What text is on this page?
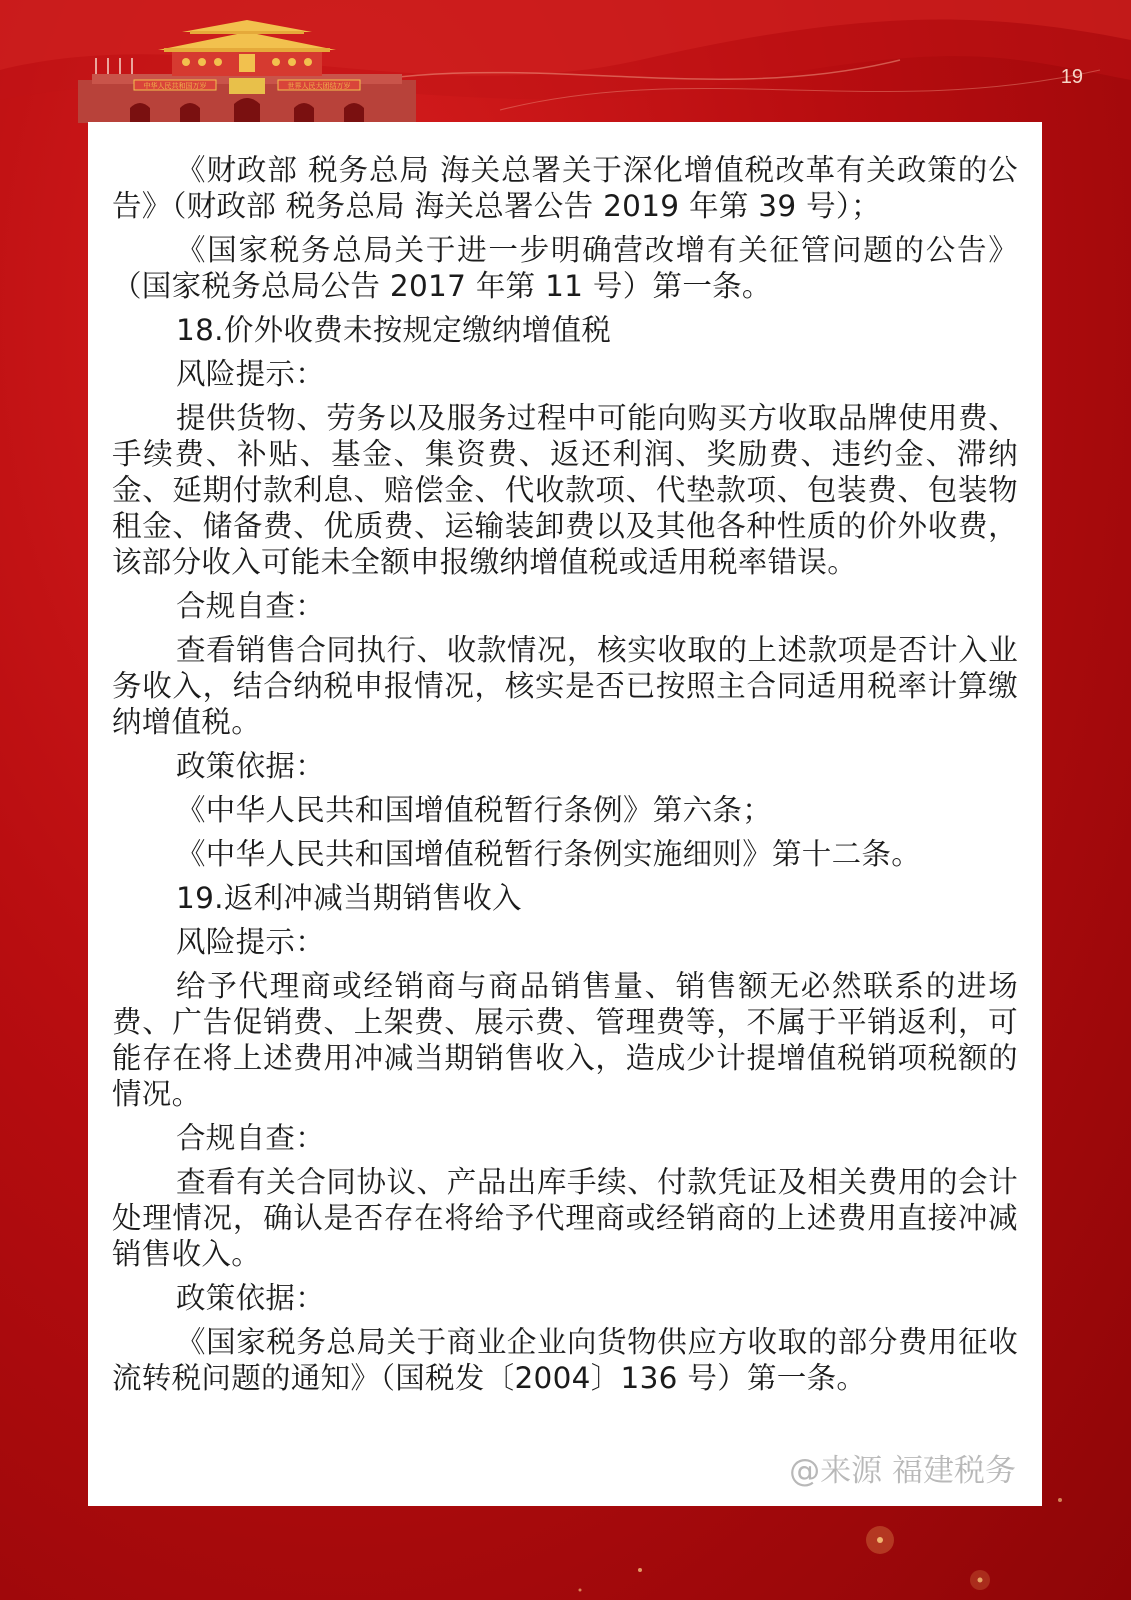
中华人民共和国万岁	世界人民大团结万岁	19

《财政部 税务总局 海关总署关于深化增值税改革有关政策的公告》（财政部 税务总局 海关总署公告 2019 年第 39 号）；

《国家税务总局关于进一步明确营改增有关征管问题的公告》（国家税务总局公告 2017 年第 11 号）第一条。

18.价外收费未按规定缴纳增值税

风险提示：

提供货物、劳务以及服务过程中可能向购买方收取品牌使用费、手续费、补贴、基金、集资费、返还利润、奖励费、违约金、滞纳金、延期付款利息、赔偿金、代收款项、代垫款项、包装费、包装物租金、储备费、优质费、运输装卸费以及其他各种性质的价外收费，该部分收入可能未全额申报缴纳增值税或适用税率错误。

合规自查：

查看销售合同执行、收款情况，核实收取的上述款项是否计入业务收入，结合纳税申报情况，核实是否已按照主合同适用税率计算缴纳增值税。

政策依据：

《中华人民共和国增值税暂行条例》第六条；

《中华人民共和国增值税暂行条例实施细则》第十二条。

19.返利冲减当期销售收入

风险提示：

给予代理商或经销商与商品销售量、销售额无必然联系的进场费、广告促销费、上架费、展示费、管理费等，不属于平销返利，可能存在将上述费用冲减当期销售收入，造成少计提增值税销项税额的情况。

合规自查：

查看有关合同协议、产品出库手续、付款凭证及相关费用的会计处理情况，确认是否存在将给予代理商或经销商的上述费用直接冲减销售收入。

政策依据：

《国家税务总局关于商业企业向货物供应方收取的部分费用征收流转税问题的通知》（国税发〔2004〕136 号）第一条。

@来源 福建税务
